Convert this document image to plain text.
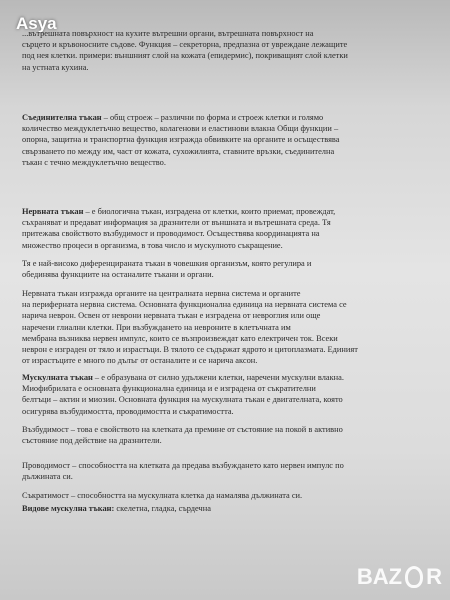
Asya
...вътрешната повърхност на кухите вътрешни органи, вътрешната повърхност на
сърцето и кръвоносните съдове. Функция – секреторна, предпазна от увреждане лежащите
под нея клетки. примери: външният слой на кожата (епидермис), покриващият слой клетки
на устната кухина.
Съединителна тъкан – общ строеж – различни по форма и строеж клетки и голямо
количество междуклетъчно вещество, колагенови и еластинови влакна Общи функции –
опорна, защитна и транспортна функция изгражда обвивките на органите и осъществява
свързването по между им, част от кожата, сухожилията, ставните връзки, съединителна
тъкан с течно междуклетъчно вещество.
Нервната тъкан – е биологична тъкан, изградена от клетки, които приемат, провеждат,
съхраняват и предават информация за дразнители от външната и вътрешната среда. Тя
притежава свойството възбудимост и проводимост. Осъществява координацията на
множество процеси в организма, в това число и мускулното съкращение.
Тя е най-високо диференцираната тъкан в човешкия организъм, която регулира и
обединява функциите на останалите тъкани и органи.
Нервната тъкан изгражда органите на централната нервна система и органите
на периферната нервна система. Основната функционална единица на нервната система се
нарича неврон. Освен от неврони нервната тъкан е изградена от невроглия или още
наречени глиални клетки. При възбуждането на невроните в клетъчната им
мембрана възниква нервен импулс, които се възпроизвеждат като електричен ток. Всеки
неврон е изграден от тяло и израстъци. В тялото се съдържат ядрото и цитоплазмата. Единият
от израстъците е много по дълъг от останалите и се нарича аксон.
Мускулната тъкан – е образувана от силно удължени клетки, наречени мускулни влакна.
Миофибрилата е основната функционална единица и е изградена от съкратителни
белтъци – актин и миозин. Основната функция на мускулната тъкан е двигателната, която
осигурява възбудимостта, проводимостта и съкратимостта.
Възбудимост – това е свойството на клетката да премине от състояние на покой в активно
състояние под действие на дразнители.
Проводимост – способността на клетката да предава възбуждането като нервен импулс по
дължината си.
Съкратимост – способността на мускулната клетка да намалява дължината си.
Видове мускулна тъкан: скелетна, гладка, сърдечна
BAZ R
